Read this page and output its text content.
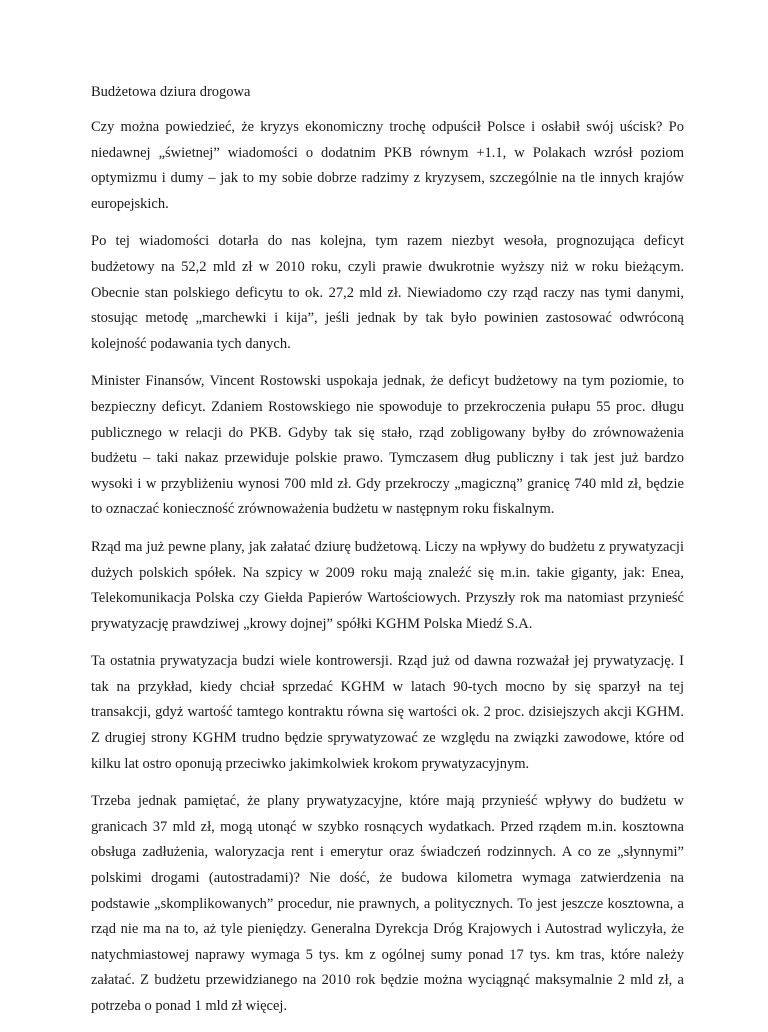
Budżetowa dziura drogowa

Czy można powiedzieć, że kryzys ekonomiczny trochę odpuścił Polsce i osłabił swój uścisk? Po niedawnej „świetnej” wiadomości o dodatnim PKB równym +1.1, w Polakach wzrósł poziom optymizmu i dumy – jak to my sobie dobrze radzimy z kryzysem, szczególnie na tle innych krajów europejskich.

Po tej wiadomości dotarła do nas kolejna, tym razem niezbyt wesoła, prognozująca deficyt budżetowy na 52,2 mld zł w 2010 roku, czyli prawie dwukrotnie wyższy niż w roku bieżącym. Obecnie stan polskiego deficytu to ok. 27,2 mld zł. Niewiadomo czy rząd raczy nas tymi danymi, stosując metodę „marchewki i kija”, jeśli jednak by tak było powinien zastosować odwróconą kolejność podawania tych danych.

Minister Finansów, Vincent Rostowski uspokaja jednak, że deficyt budżetowy na tym poziomie, to bezpieczny deficyt. Zdaniem Rostowskiego nie spowoduje to przekroczenia pułapu 55 proc. długu publicznego w relacji do PKB. Gdyby tak się stało, rząd zobligowany byłby do zrównoważenia budżetu – taki nakaz przewiduje polskie prawo. Tymczasem dług publiczny i tak jest już bardzo wysoki i w przybliżeniu wynosi 700 mld zł. Gdy przekroczy „magiczną” granicę 740 mld zł, będzie to oznaczać konieczność zrównoważenia budżetu w następnym roku fiskalnym.

Rząd ma już pewne plany, jak załatać dziurę budżetową. Liczy na wpływy do budżetu z prywatyzacji dużych polskich spółek. Na szpicy w 2009 roku mają znaleźć się m.in. takie giganty, jak: Enea, Telekomunikacja Polska czy Giełda Papierów Wartościowych. Przyszły rok ma natomiast przynieść prywatyzację prawdziwej „krowy dojnej” spółki KGHM Polska Miedź S.A.

Ta ostatnia prywatyzacja budzi wiele kontrowersji. Rząd już od dawna rozważał jej prywatyzację. I tak na przykład, kiedy chciał sprzedać KGHM w latach 90-tych mocno by się sparzył na tej transakcji, gdyż wartość tamtego kontraktu równa się wartości ok. 2 proc. dzisiejszych akcji KGHM. Z drugiej strony KGHM trudno będzie sprywatyzować ze względu na związki zawodowe, które od kilku lat ostro oponują przeciwko jakimkolwiek krokom prywatyzacyjnym.

Trzeba jednak pamiętać, że plany prywatyzacyjne, które mają przynieść wpływy do budżetu w granicach 37 mld zł, mogą utonąć w szybko rosnących wydatkach. Przed rządem m.in. kosztowna obsługa zadłużenia, waloryzacja rent i emerytur oraz świadczeń rodzinnych. A co ze „słynnymi” polskimi drogami (autostradami)? Nie dość, że budowa kilometra wymaga zatwierdzenia na podstawie „skomplikowanych” procedur, nie prawnych, a politycznych. To jest jeszcze kosztowna, a rząd nie ma na to, aż tyle pieniędzy. Generalna Dyrekcja Dróg Krajowych i Autostrad wyliczyła, że natychmiastowej naprawy wymaga 5 tys. km z ogólnej sumy ponad 17 tys. km tras, które należy załatać. Z budżetu przewidzianego na 2010 rok będzie można wyciągnąć maksymalnie 2 mld zł, a potrzeba o ponad 1 mld zł więcej.
